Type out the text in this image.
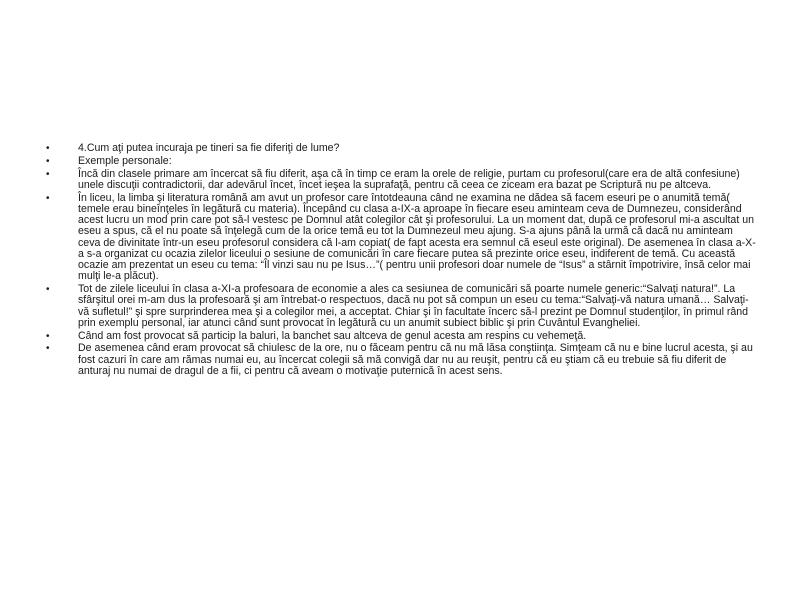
•	4.Cum aţi putea incuraja pe tineri sa fie diferiţi de lume?
•	Exemple personale:
•	Încă din clasele primare am încercat să fiu diferit, aşa că în timp ce eram la orele de religie, purtam cu profesorul(care era de altă confesiune) unele discuţii contradictorii, dar adevărul încet, încet ieşea la suprafaţă, pentru că ceea ce ziceam era bazat pe Scriptură nu pe altceva.
•	În liceu, la limba şi literatura română am avut un profesor care întotdeauna când ne examina ne dădea să facem eseuri pe o anumită temă( temele erau bineînţeles în legătură cu materia). Începând cu clasa a-IX-a aproape în fiecare eseu aminteam ceva de Dumnezeu, considerând acest lucru un mod prin care pot să-l vestesc pe Domnul atât colegilor cât şi profesorului. La un moment dat, după ce profesorul mi-a ascultat un eseu a spus, că el nu poate să înţelegă cum de la orice temă eu tot la Dumnezeul meu ajung. S-a ajuns până la urmă că dacă nu aminteam ceva de divinitate într-un eseu profesorul considera că l-am copiat( de fapt acesta era semnul că eseul este original). De asemenea în clasa a-X-a s-a organizat cu ocazia zilelor liceului o sesiune de comunicări în care fiecare putea să prezinte orice eseu, indiferent de temă. Cu această ocazie am prezentat un eseu cu tema: “Îl vinzi sau nu pe Isus…”( pentru unii profesori doar numele de “Isus” a stârnit împotrivire, însă celor mai mulţi le-a plăcut).
•	Tot de zilele liceului în clasa a-XI-a profesoara de economie a ales ca sesiunea de comunicări să poarte numele generic:“Salvaţi natura!”. La sfârşitul orei m-am dus la profesoară şi am întrebat-o respectuos, dacă nu pot să compun un eseu cu tema:“Salvaţi-vă natura umană… Salvaţi-vă sufletul!” şi spre surprinderea mea şi a colegilor mei, a acceptat. Chiar şi în facultate încerc să-l prezint pe Domnul studenţilor, în primul rând prin exemplu personal, iar atunci când sunt provocat în legătură cu un anumit subiect biblic şi prin Cuvântul Evangheliei.
•	Când am fost provocat să particip la baluri, la banchet sau altceva de genul acesta am respins cu vehemeţă.
•	De asemenea când eram provocat să chiulesc de la ore, nu o făceam pentru că nu mă lăsa conştiinţa. Simţeam că nu e bine lucrul acesta, şi au fost cazuri în care am rămas numai eu, au încercat colegii să mă convigă dar nu au reuşit, pentru că eu ştiam că eu trebuie să fiu diferit de anturaj nu numai de dragul de a fii, ci pentru că aveam o motivaţie puternică în acest sens.
